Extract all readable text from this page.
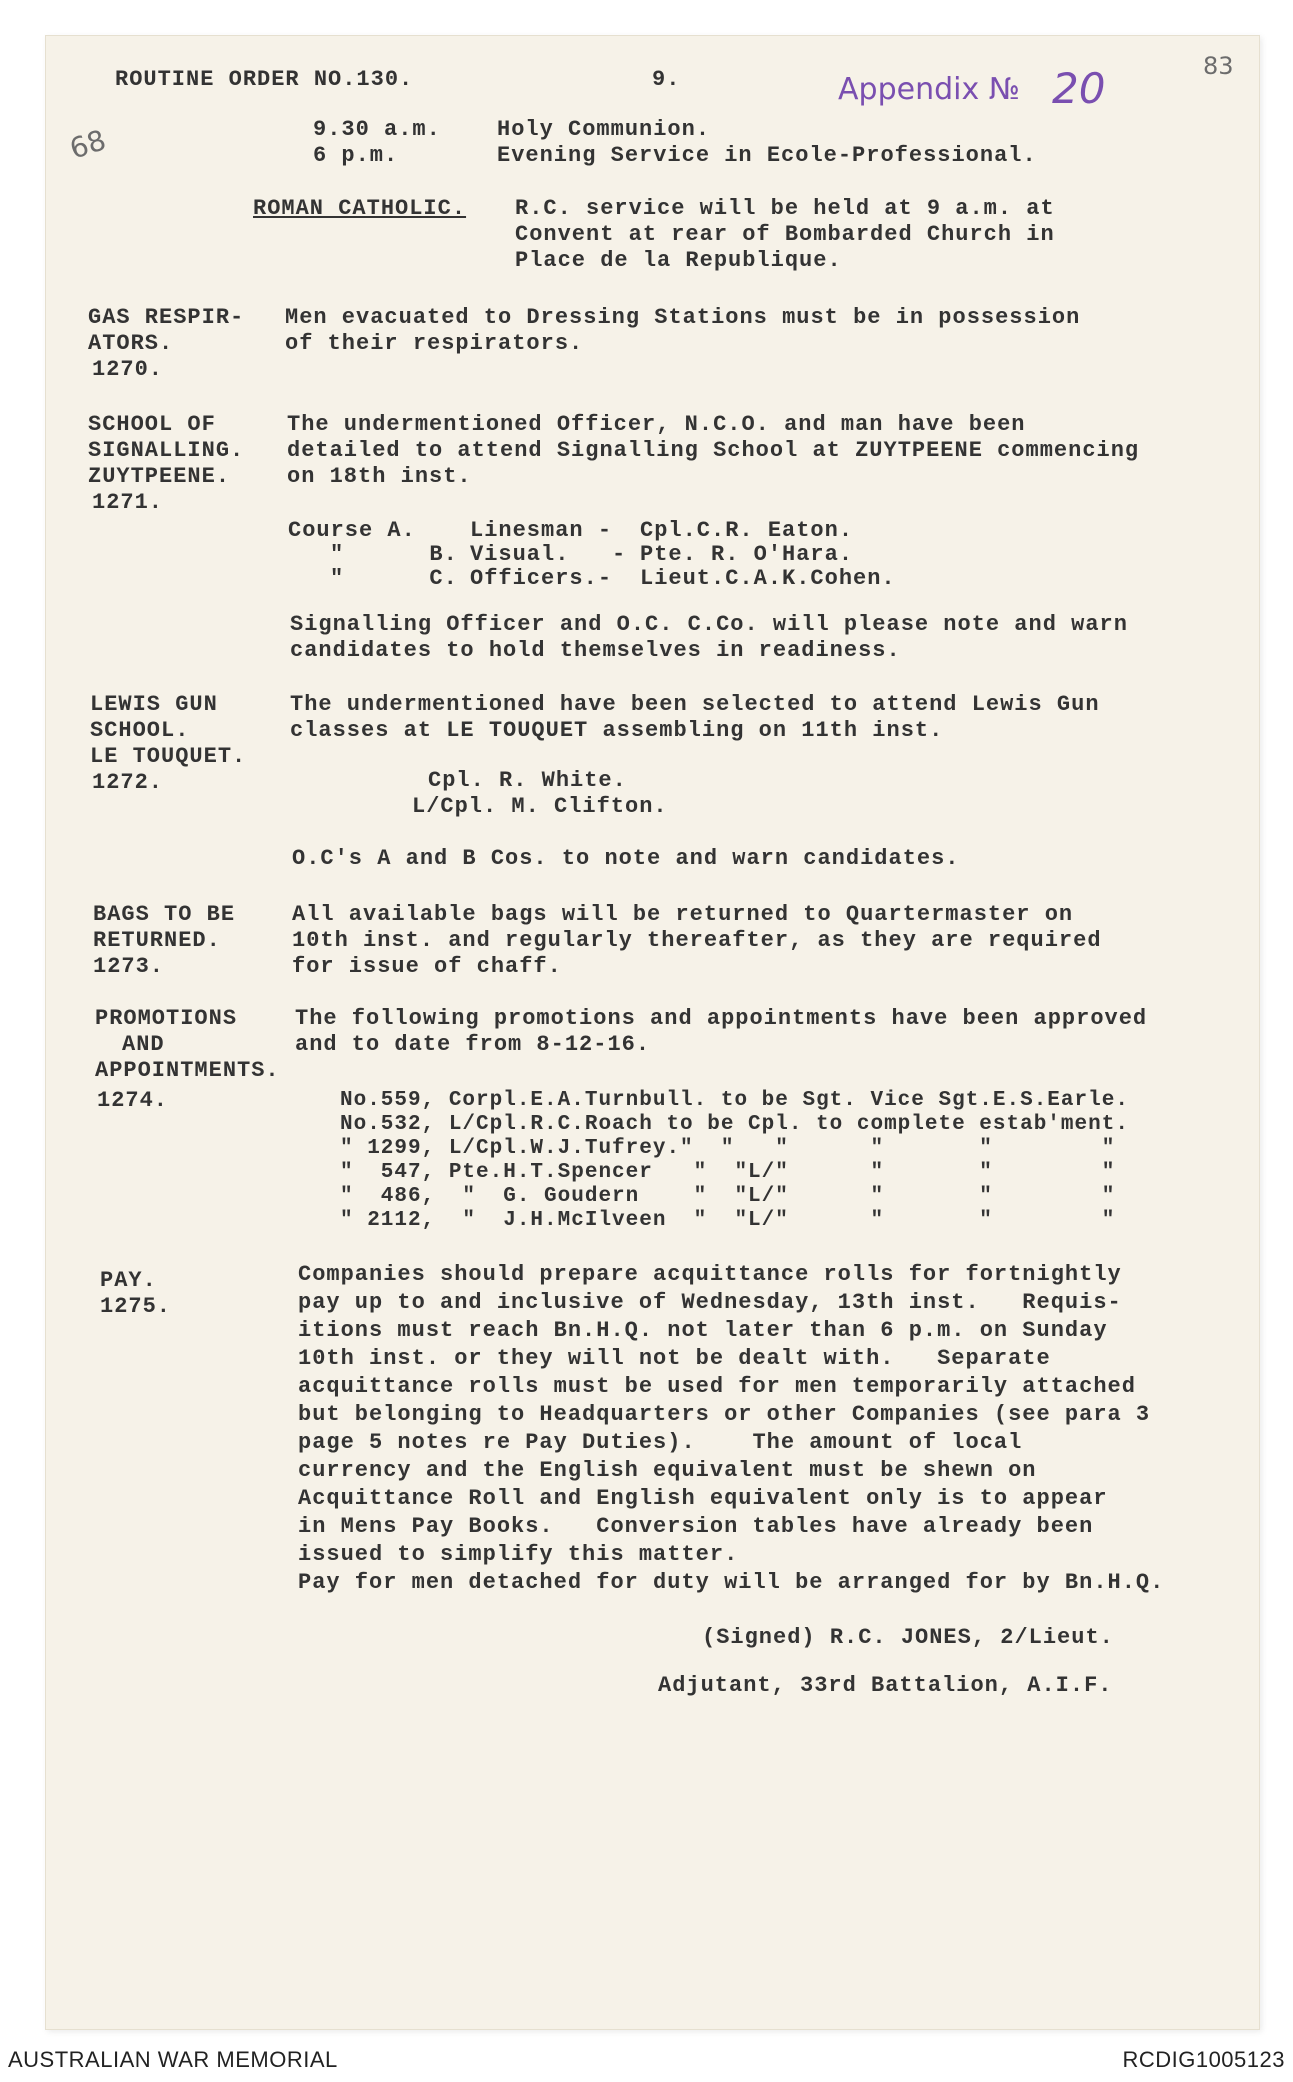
ROUTINE ORDER NO.130.	9.	Appendix № 20	83
68	9.30 a.m.	Holy Communion.
6 p.m.	Evening Service in Ecole-Professional.
ROMAN CATHOLIC. R.C. service will be held at 9 a.m. at
Convent at rear of Bombarded Church in
Place de la Republique.
GAS RESPIR-
ATORS.
1270.
Men evacuated to Dressing Stations must be in possession
of their respirators.
SCHOOL OF
SIGNALLING.
ZUYTPEENE.
1271.
The undermentioned Officer, N.C.O. and man have been
detailed to attend Signalling School at ZUYTPEENE commencing
on 18th inst.
Course A. Linesman - Cpl.C.R. Eaton.
"      B. Visual.   - Pte. R. O'Hara.
"      C. Officers.- Lieut.C.A.K.Cohen.
Signalling Officer and O.C. C.Co. will please note and warn
candidates to hold themselves in readiness.
LEWIS GUN
SCHOOL.
LE TOUQUET.
1272.
The undermentioned have been selected to attend Lewis Gun
classes at LE TOUQUET assembling on 11th inst.
Cpl. R. White.
L/Cpl. M. Clifton.
O.C's A and B Cos. to note and warn candidates.
BAGS TO BE
RETURNED.
1273.
All available bags will be returned to Quartermaster on
10th inst. and regularly thereafter, as they are required
for issue of chaff.
PROMOTIONS
AND
APPOINTMENTS.
1274.
The following promotions and appointments have been approved
and to date from 8-12-16.
No.559, Corpl.E.A.Turnbull. to be Sgt. Vice Sgt.E.S.Earle.
No.532, L/Cpl.R.C.Roach to be Cpl. to complete estab'ment.
" 1299, L/Cpl.W.J.Tufrey."  "   "      "       "        "
"  547, Pte.H.T.Spencer   "  "L/"      "       "        "
"  486,  "  G. Goudern    "  "L/"      "       "        "
" 2112,  "  J.H.McIlveen  "  "L/"      "       "        "
PAY.
1275.
Companies should prepare acquittance rolls for fortnightly
pay up to and inclusive of Wednesday, 13th inst.   Requis-
itions must reach Bn.H.Q. not later than 6 p.m. on Sunday
10th inst. or they will not be dealt with.   Separate
acquittance rolls must be used for men temporarily attached
but belonging to Headquarters or other Companies (see para 3
page 5 notes re Pay Duties).    The amount of local
currency and the English equivalent must be shewn on
Acquittance Roll and English equivalent only is to appear
in Mens Pay Books.   Conversion tables have already been
issued to simplify this matter.
Pay for men detached for duty will be arranged for by Bn.H.Q.
(Signed) R.C. JONES, 2/Lieut.
Adjutant, 33rd Battalion, A.I.F.
AUSTRALIAN WAR MEMORIAL	RCDIG1005123
